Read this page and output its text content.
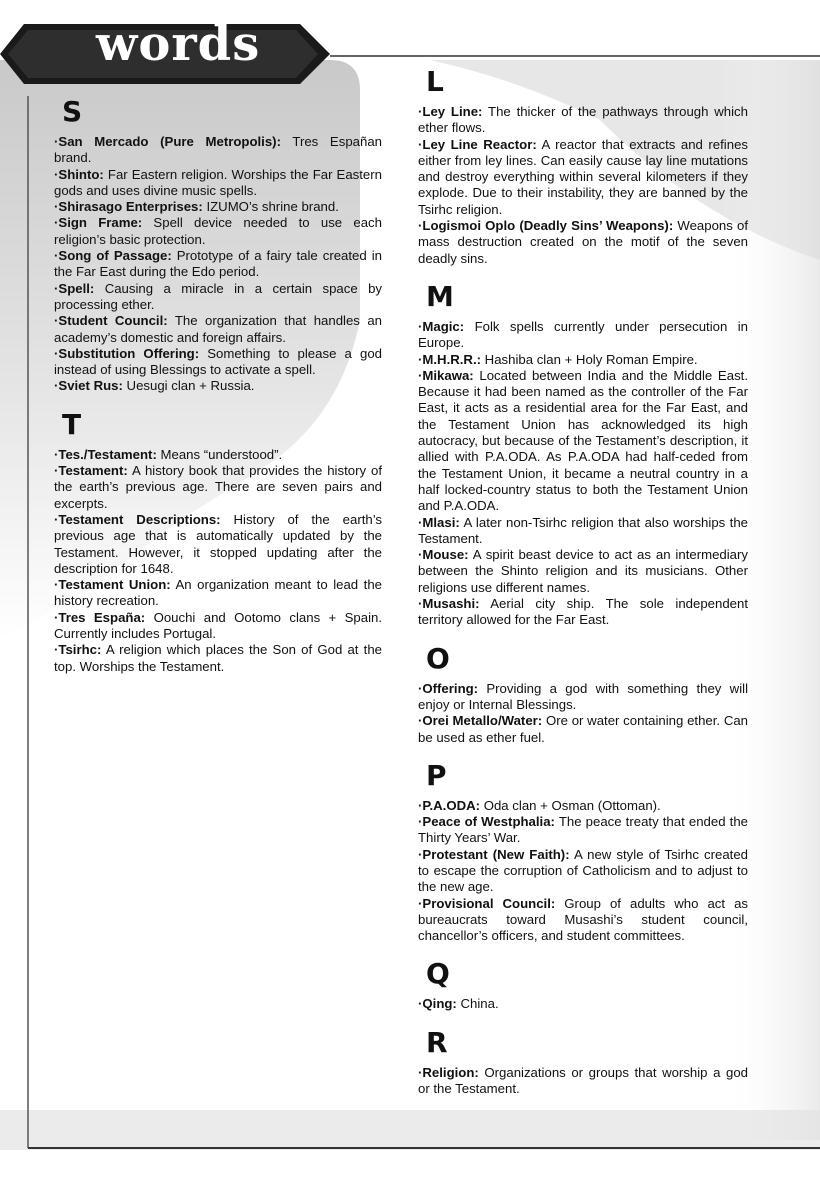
words
S

·San Mercado (Pure Metropolis): Tres Españan brand.

·Shinto: Far Eastern religion. Worships the Far Eastern gods and uses divine music spells.

·Shirasago Enterprises: IZUMO’s shrine brand.

·Sign Frame: Spell device needed to use each religion’s basic protection.

·Song of Passage: Prototype of a fairy tale created in the Far East during the Edo period.

·Spell: Causing a miracle in a certain space by processing ether.

·Student Council: The organization that handles an academy’s domestic and foreign affairs.

·Substitution Offering: Something to please a god instead of using Blessings to activate a spell.

·Sviet Rus: Uesugi clan + Russia.

T

·Tes./Testament: Means “understood”.

·Testament: A history book that provides the history of the earth’s previous age. There are seven pairs and excerpts.

·Testament Descriptions: History of the earth’s previous age that is automatically updated by the Testament. However, it stopped updating after the description for 1648.

·Testament Union: An organization meant to lead the history recreation.

·Tres España: Oouchi and Ootomo clans + Spain. Currently includes Portugal.

·Tsirhc: A religion which places the Son of God at the top. Worships the Testament.

L

·Ley Line: The thicker of the pathways through which ether flows.

·Ley Line Reactor: A reactor that extracts and refines either from ley lines. Can easily cause lay line mutations and destroy everything within several kilometers if they explode. Due to their instability, they are banned by the Tsirhc religion.

·Logismoi Oplo (Deadly Sins’ Weapons): Weapons of mass destruction created on the motif of the seven deadly sins.

M

·Magic: Folk spells currently under persecution in Europe.

·M.H.R.R.: Hashiba clan + Holy Roman Empire.

·Mikawa: Located between India and the Middle East. Because it had been named as the controller of the Far East, it acts as a residential area for the Far East, and the Testament Union has acknowledged its high autocracy, but because of the Testament’s description, it allied with P.A.ODA. As P.A.ODA had half-ceded from the Testament Union, it became a neutral country in a half locked-country status to both the Testament Union and P.A.ODA.

·Mlasi: A later non-Tsirhc religion that also worships the Testament.

·Mouse: A spirit beast device to act as an intermediary between the Shinto religion and its musicians. Other religions use different names.

·Musashi: Aerial city ship. The sole independent territory allowed for the Far East.

O

·Offering: Providing a god with something they will enjoy or Internal Blessings.

·Orei Metallo/Water: Ore or water containing ether. Can be used as ether fuel.

P

·P.A.ODA: Oda clan + Osman (Ottoman).

·Peace of Westphalia: The peace treaty that ended the Thirty Years’ War.

·Protestant (New Faith): A new style of Tsirhc created to escape the corruption of Catholicism and to adjust to the new age.

·Provisional Council: Group of adults who act as bureaucrats toward Musashi’s student council, chancellor’s officers, and student committees.

Q

·Qing: China.

R

·Religion: Organizations or groups that worship a god or the Testament.
